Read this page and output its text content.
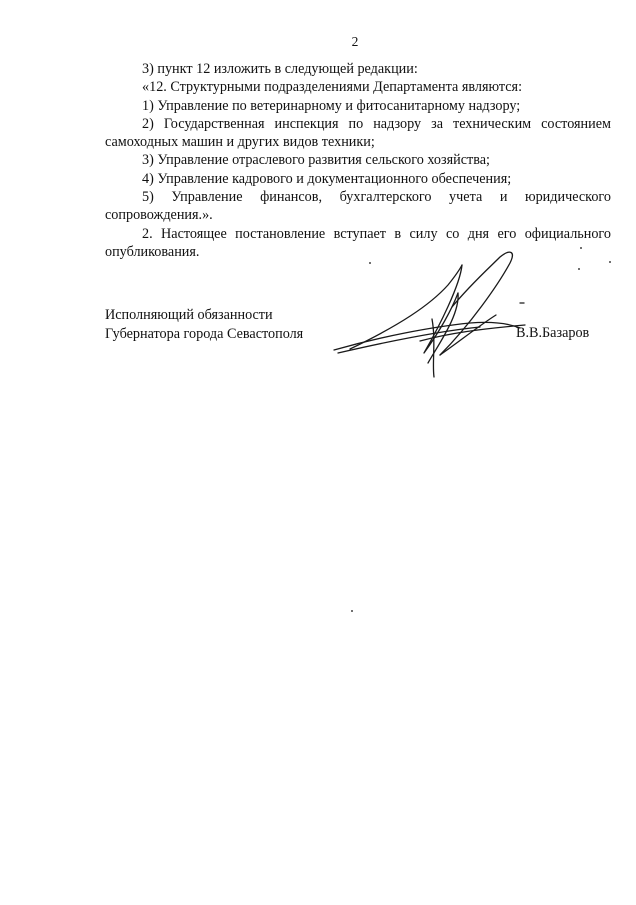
2

3) пункт 12 изложить в следующей редакции:

«12. Структурными подразделениями Департамента являются:

1) Управление по ветеринарному и фитосанитарному надзору;

2) Государственная инспекция по надзору за техническим состоянием самоходных машин и других видов техники;

3) Управление отраслевого развития сельского хозяйства;

4) Управление кадрового и документационного обеспечения;

5) Управление финансов, бухгалтерского учета и юридического сопровождения.».

2. Настоящее постановление вступает в силу со дня его официального опубликования.

Исполняющий обязанности
Губернатора города Севастополя	В.В.Базаров
